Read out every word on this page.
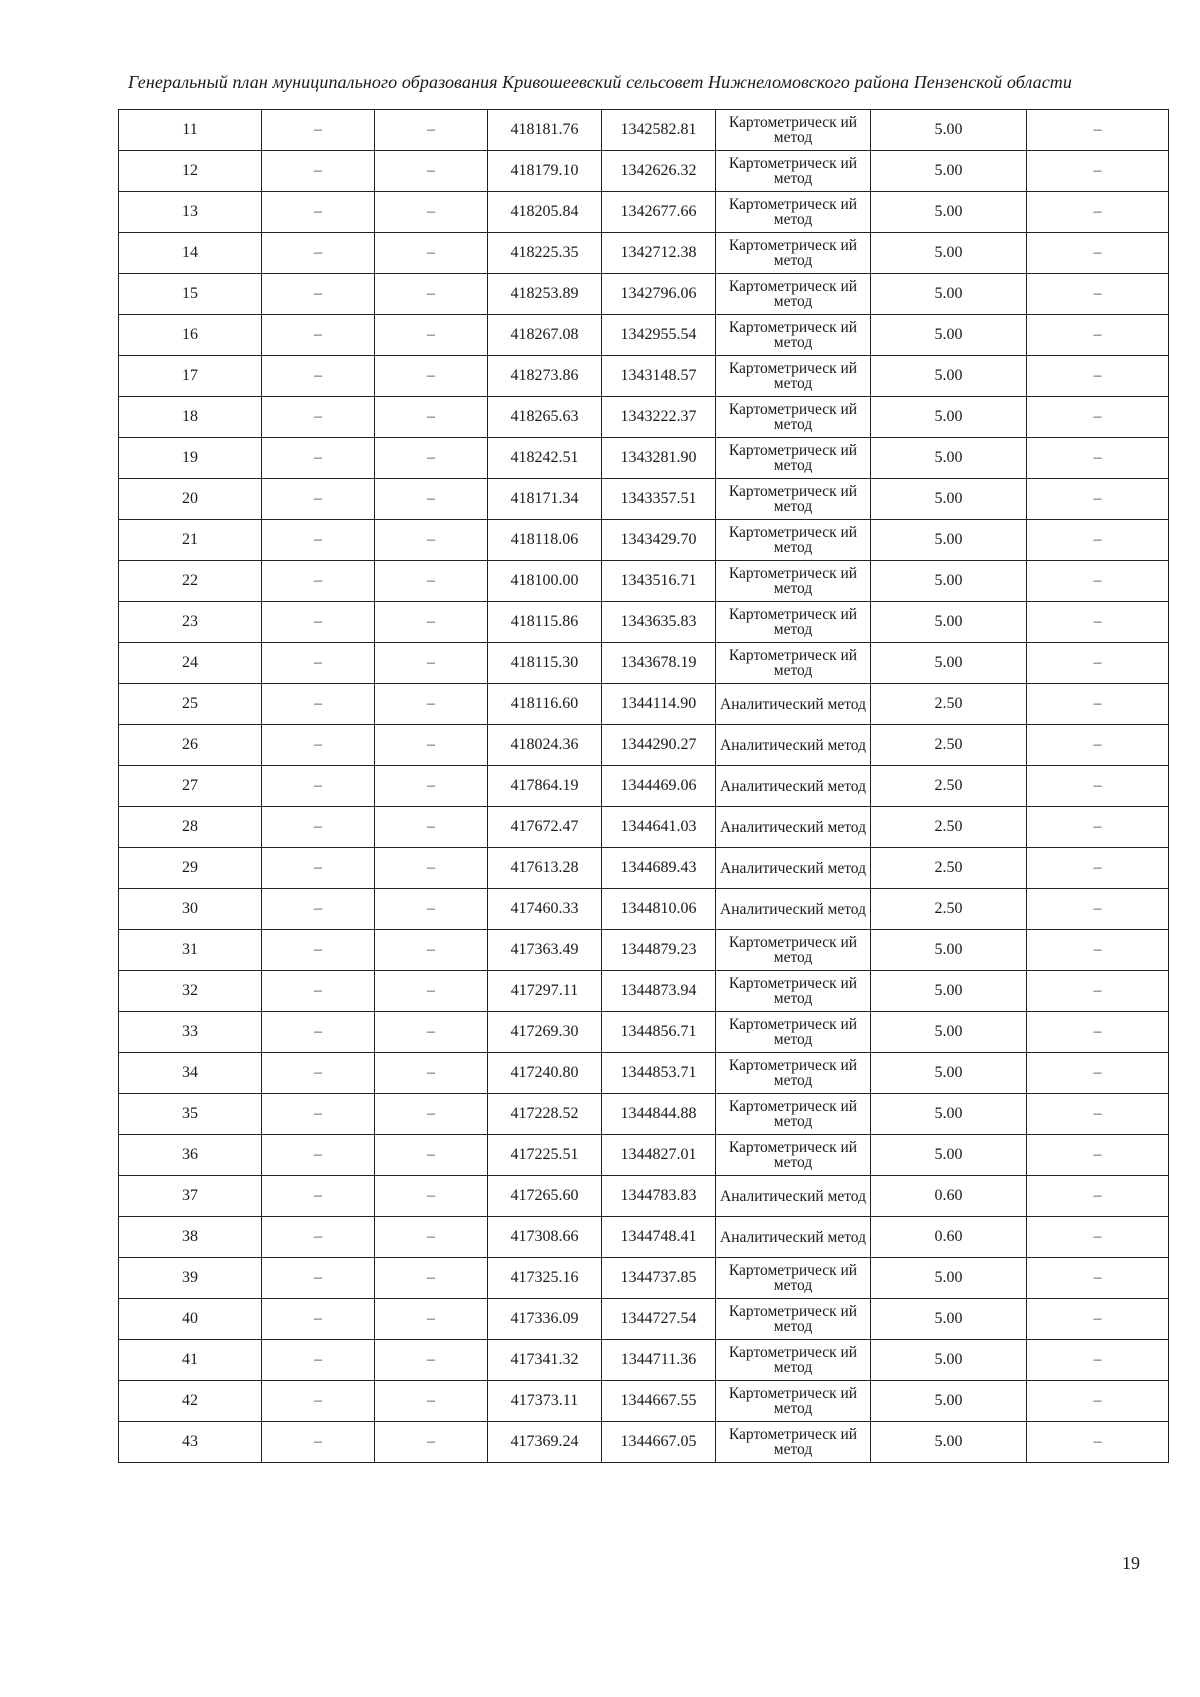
Генеральный план муниципального образования Кривошеевский сельсовет Нижнеломовского района Пензенской области
11	–	–	418181.76	1342582.81	Картометрическ ий метод	5.00	–
12	–	–	418179.10	1342626.32	Картометрическ ий метод	5.00	–
13	–	–	418205.84	1342677.66	Картометрическ ий метод	5.00	–
14	–	–	418225.35	1342712.38	Картометрическ ий метод	5.00	–
15	–	–	418253.89	1342796.06	Картометрическ ий метод	5.00	–
16	–	–	418267.08	1342955.54	Картометрическ ий метод	5.00	–
17	–	–	418273.86	1343148.57	Картометрическ ий метод	5.00	–
18	–	–	418265.63	1343222.37	Картометрическ ий метод	5.00	–
19	–	–	418242.51	1343281.90	Картометрическ ий метод	5.00	–
20	–	–	418171.34	1343357.51	Картометрическ ий метод	5.00	–
21	–	–	418118.06	1343429.70	Картометрическ ий метод	5.00	–
22	–	–	418100.00	1343516.71	Картометрическ ий метод	5.00	–
23	–	–	418115.86	1343635.83	Картометрическ ий метод	5.00	–
24	–	–	418115.30	1343678.19	Картометрическ ий метод	5.00	–
25	–	–	418116.60	1344114.90	Аналитический метод	2.50	–
26	–	–	418024.36	1344290.27	Аналитический метод	2.50	–
27	–	–	417864.19	1344469.06	Аналитический метод	2.50	–
28	–	–	417672.47	1344641.03	Аналитический метод	2.50	–
29	–	–	417613.28	1344689.43	Аналитический метод	2.50	–
30	–	–	417460.33	1344810.06	Аналитический метод	2.50	–
31	–	–	417363.49	1344879.23	Картометрическ ий метод	5.00	–
32	–	–	417297.11	1344873.94	Картометрическ ий метод	5.00	–
33	–	–	417269.30	1344856.71	Картометрическ ий метод	5.00	–
34	–	–	417240.80	1344853.71	Картометрическ ий метод	5.00	–
35	–	–	417228.52	1344844.88	Картометрическ ий метод	5.00	–
36	–	–	417225.51	1344827.01	Картометрическ ий метод	5.00	–
37	–	–	417265.60	1344783.83	Аналитический метод	0.60	–
38	–	–	417308.66	1344748.41	Аналитический метод	0.60	–
39	–	–	417325.16	1344737.85	Картометрическ ий метод	5.00	–
40	–	–	417336.09	1344727.54	Картометрическ ий метод	5.00	–
41	–	–	417341.32	1344711.36	Картометрическ ий метод	5.00	–
42	–	–	417373.11	1344667.55	Картометрическ ий метод	5.00	–
43	–	–	417369.24	1344667.05	Картометрическ ий метод	5.00	–
19
